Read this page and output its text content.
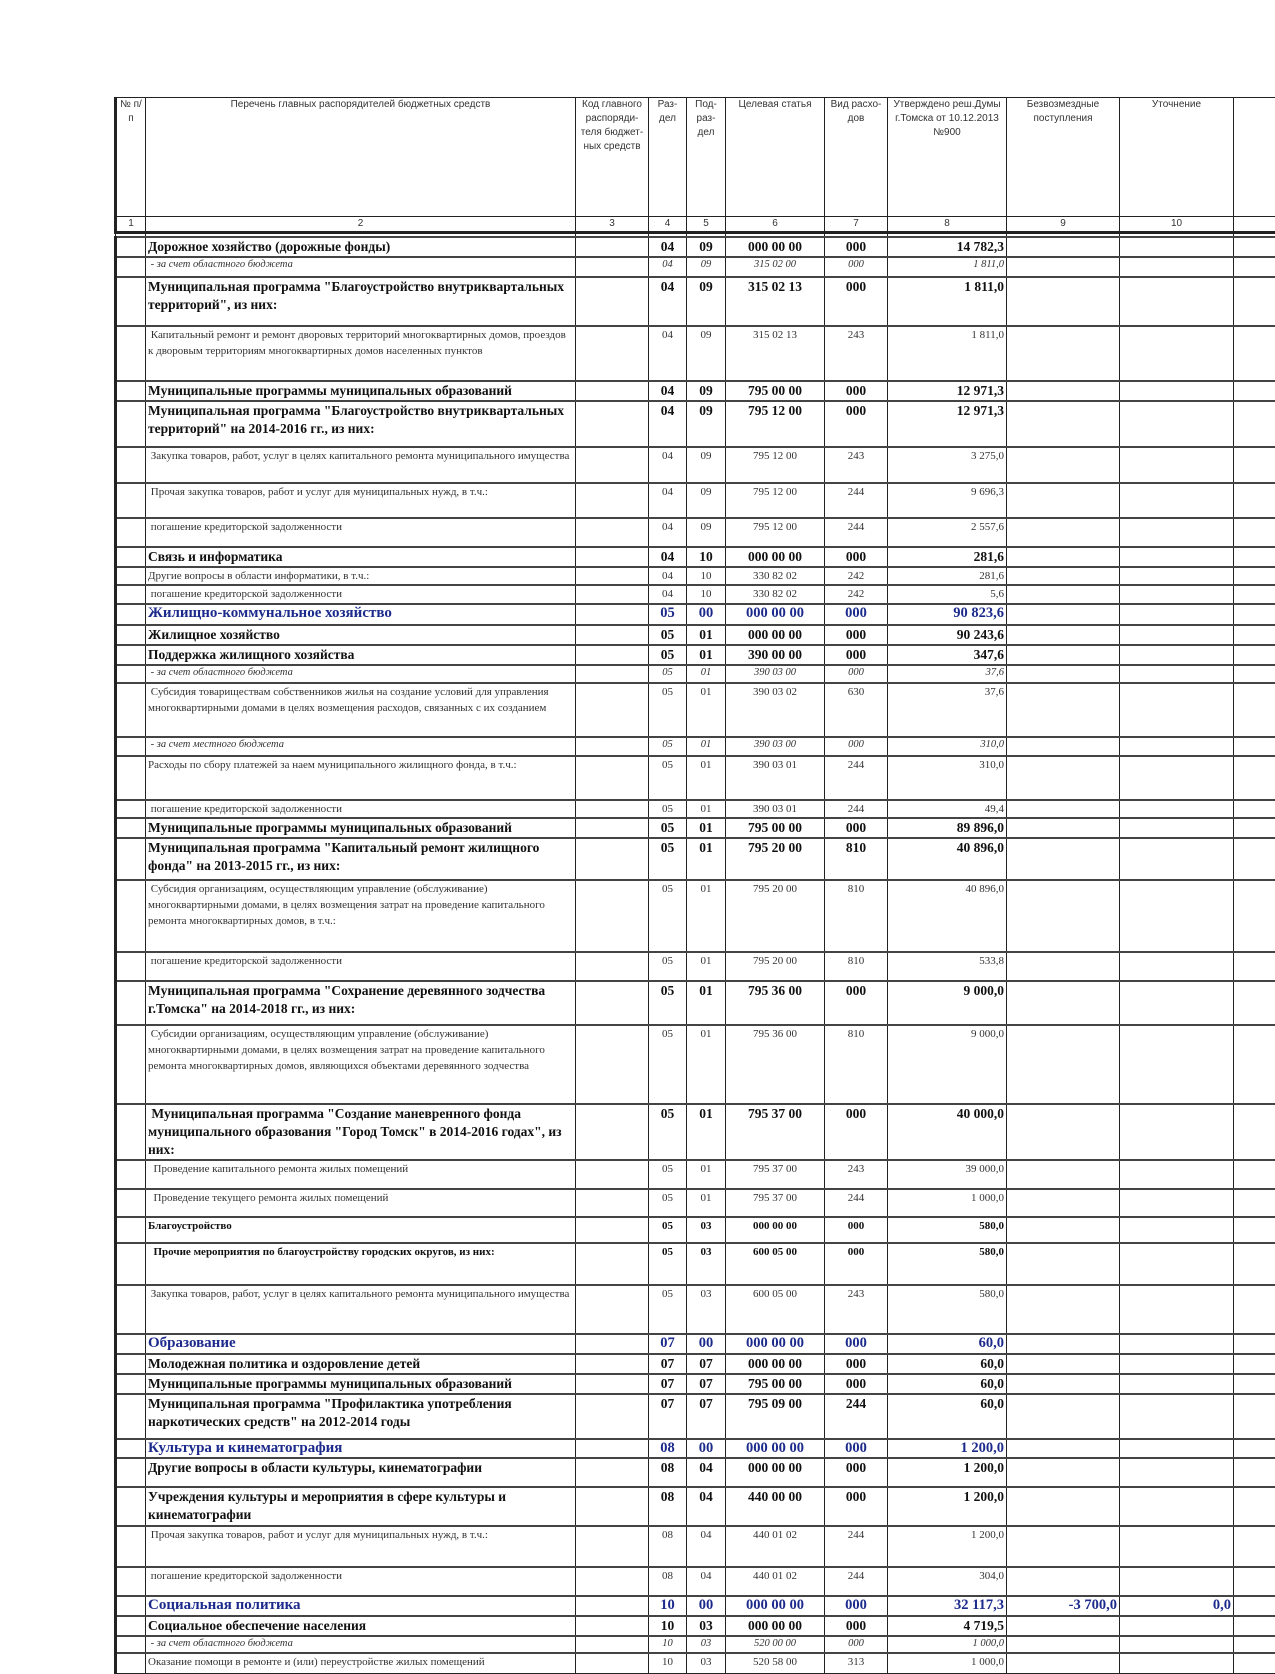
№ п/п	Перечень главных распорядителей бюджетных средств	Код главного распоряди-теля бюджет-ных средств	Раз-дел	Под-раз-дел	Целевая статья	Вид расхо-дов	Утверждено реш.Думы г.Томска от 10.12.2013 №900	Безвозмездные поступления	Уточнение	
1	2	3	4	5	6	7	8	9	10	

	Дорожное хозяйство (дорожные фонды)		04	09	000 00 00	000	14 782,3			
	- за счет областного бюджета		04	09	315 02 00	000	1 811,0			
	Муниципальная программа "Благоустройство внутриквартальных территорий", из них:		04	09	315 02 13	000	1 811,0			
	Капитальный ремонт и ремонт дворовых территорий многоквартирных домов, проездов к дворовым территориям многоквартирных домов населенных пунктов		04	09	315 02 13	243	1 811,0			
	Муниципальные программы муниципальных образований		04	09	795 00 00	000	12 971,3			
	Муниципальная программа "Благоустройство внутриквартальных территорий" на 2014-2016 гг., из них:		04	09	795 12 00	000	12 971,3			
	Закупка товаров, работ, услуг в целях капитального ремонта муниципального имущества		04	09	795 12 00	243	3 275,0			
	Прочая закупка товаров, работ и услуг для муниципальных нужд, в т.ч.:		04	09	795 12 00	244	9 696,3			
	погашение кредиторской задолженности		04	09	795 12 00	244	2 557,6			
	Связь и информатика		04	10	000 00 00	000	281,6			
	Другие вопросы в области информатики, в т.ч.:		04	10	330 82 02	242	281,6			
	погашение кредиторской задолженности		04	10	330 82 02	242	5,6			
	Жилищно-коммунальное хозяйство		05	00	000 00 00	000	90 823,6			
	Жилищное хозяйство		05	01	000 00 00	000	90 243,6			
	Поддержка жилищного хозяйства		05	01	390 00 00	000	347,6			
	- за счет областного бюджета		05	01	390 03 00	000	37,6			
	Субсидия товариществам собственников жилья на создание условий для управления многоквартирными домами в целях возмещения расходов, связанных с их созданием		05	01	390 03 02	630	37,6			
	- за счет местного бюджета		05	01	390 03 00	000	310,0			
	Расходы по сбору платежей за наем муниципального жилищного фонда, в т.ч.:		05	01	390 03 01	244	310,0			
	погашение кредиторской задолженности		05	01	390 03 01	244	49,4			
	Муниципальные программы муниципальных образований		05	01	795 00 00	000	89 896,0			
	Муниципальная программа "Капитальный ремонт жилищного фонда" на 2013-2015 гг., из них:		05	01	795 20 00	810	40 896,0			
	Субсидия организациям, осуществляющим управление (обслуживание) многоквартирными домами, в целях возмещения затрат на проведение капитального ремонта многоквартирных домов, в т.ч.:		05	01	795 20 00	810	40 896,0			
	погашение кредиторской задолженности		05	01	795 20 00	810	533,8			
	Муниципальная программа "Сохранение деревянного зодчества г.Томска" на 2014-2018 гг., из них:		05	01	795 36 00	000	9 000,0			
	Субсидии организациям, осуществляющим управление (обслуживание) многоквартирными домами, в целях возмещения затрат на проведение капитального ремонта многоквартирных домов, являющихся объектами деревянного зодчества		05	01	795 36 00	810	9 000,0			
	Муниципальная программа "Создание маневренного фонда муниципального образования "Город Томск" в 2014-2016 годах", из них:		05	01	795 37 00	000	40 000,0			
	Проведение капитального ремонта жилых помещений		05	01	795 37 00	243	39 000,0			
	Проведение текущего ремонта жилых помещений		05	01	795 37 00	244	1 000,0			
	Благоустройство		05	03	000 00 00	000	580,0			
	Прочие мероприятия по благоустройству городских округов, из них:		05	03	600 05 00	000	580,0			
	Закупка товаров, работ, услуг в целях капитального ремонта муниципального имущества		05	03	600 05 00	243	580,0			
	Образование		07	00	000 00 00	000	60,0			
	Молодежная политика и оздоровление детей		07	07	000 00 00	000	60,0			
	Муниципальные программы муниципальных образований		07	07	795 00 00	000	60,0			
	Муниципальная программа "Профилактика употребления наркотических средств" на 2012-2014 годы		07	07	795 09 00	244	60,0			
	Культура и кинематография		08	00	000 00 00	000	1 200,0			
	Другие вопросы в области культуры, кинематографии		08	04	000 00 00	000	1 200,0			
	Учреждения культуры и мероприятия в сфере культуры и кинематографии		08	04	440 00 00	000	1 200,0			
	Прочая закупка товаров, работ и услуг для муниципальных нужд, в т.ч.:		08	04	440 01 02	244	1 200,0			
	погашение кредиторской задолженности		08	04	440 01 02	244	304,0			
	Социальная политика		10	00	000 00 00	000	32 117,3	-3 700,0	0,0	
	Социальное обеспечение населения		10	03	000 00 00	000	4 719,5			
	- за счет областного бюджета		10	03	520 00 00	000	1 000,0			
	Оказание помощи в ремонте и (или) переустройстве жилых помещений		10	03	520 58 00	313	1 000,0			
